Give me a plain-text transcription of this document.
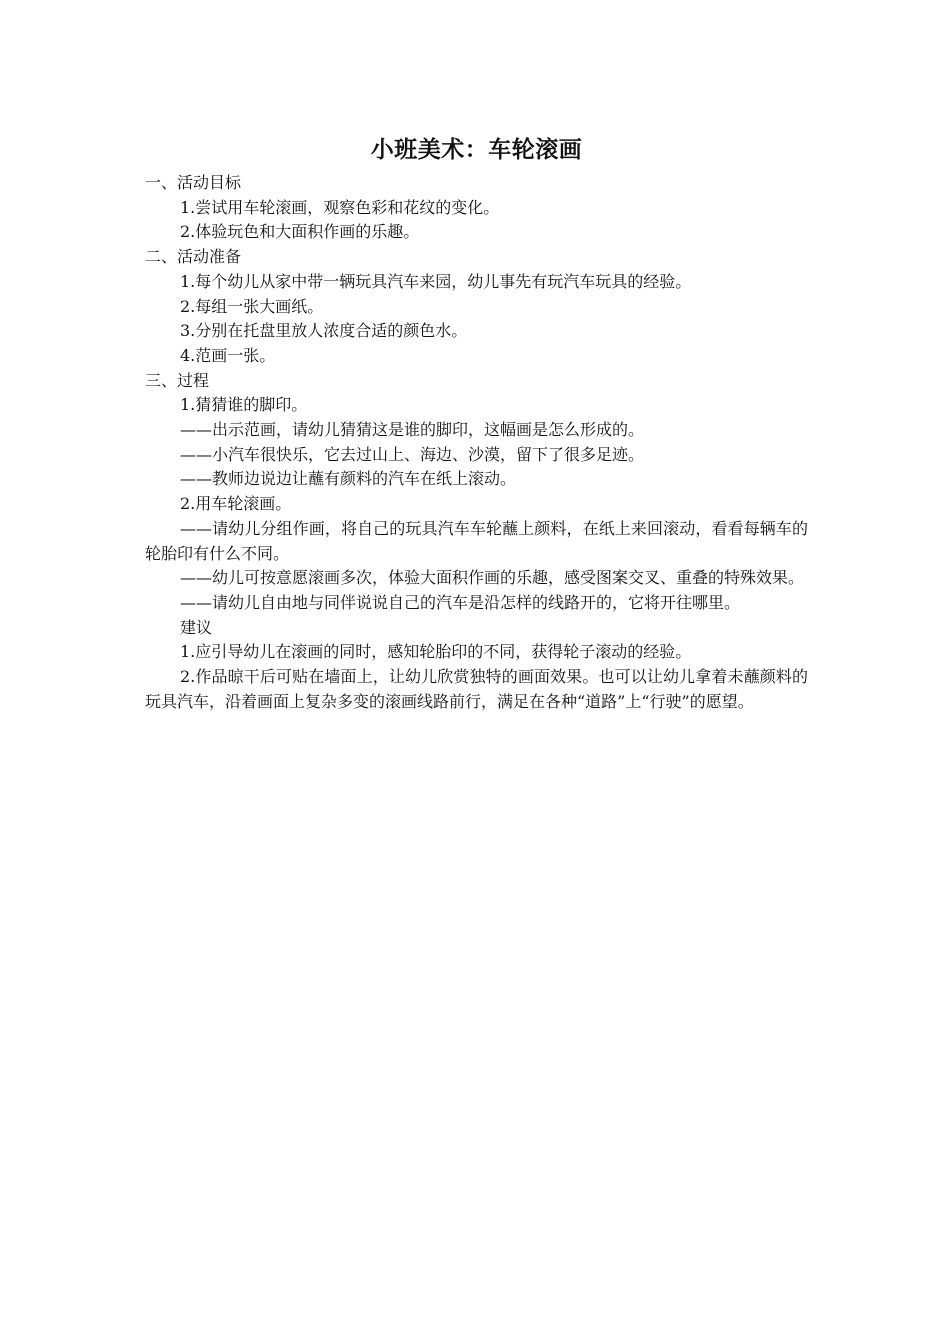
小班美术：车轮滚画

一、活动目标

1.尝试用车轮滚画，观察色彩和花纹的变化。

2.体验玩色和大面积作画的乐趣。

二、活动准备

1.每个幼儿从家中带一辆玩具汽车来园，幼儿事先有玩汽车玩具的经验。

2.每组一张大画纸。

3.分别在托盘里放人浓度合适的颜色水。

4.范画一张。

三、过程

1.猜猜谁的脚印。

——出示范画，请幼儿猜猜这是谁的脚印，这幅画是怎么形成的。

——小汽车很快乐，它去过山上、海边、沙漠，留下了很多足迹。

——教师边说边让蘸有颜料的汽车在纸上滚动。

2.用车轮滚画。

——请幼儿分组作画，将自己的玩具汽车车轮蘸上颜料，在纸上来回滚动，看看每辆车的轮胎印有什么不同。

——幼儿可按意愿滚画多次，体验大面积作画的乐趣，感受图案交叉、重叠的特殊效果。

——请幼儿自由地与同伴说说自己的汽车是沿怎样的线路开的，它将开往哪里。

建议

1.应引导幼儿在滚画的同时，感知轮胎印的不同，获得轮子滚动的经验。

2.作品晾干后可贴在墙面上，让幼儿欣赏独特的画面效果。也可以让幼儿拿着未蘸颜料的玩具汽车，沿着画面上复杂多变的滚画线路前行，满足在各种“道路”上“行驶”的愿望。
